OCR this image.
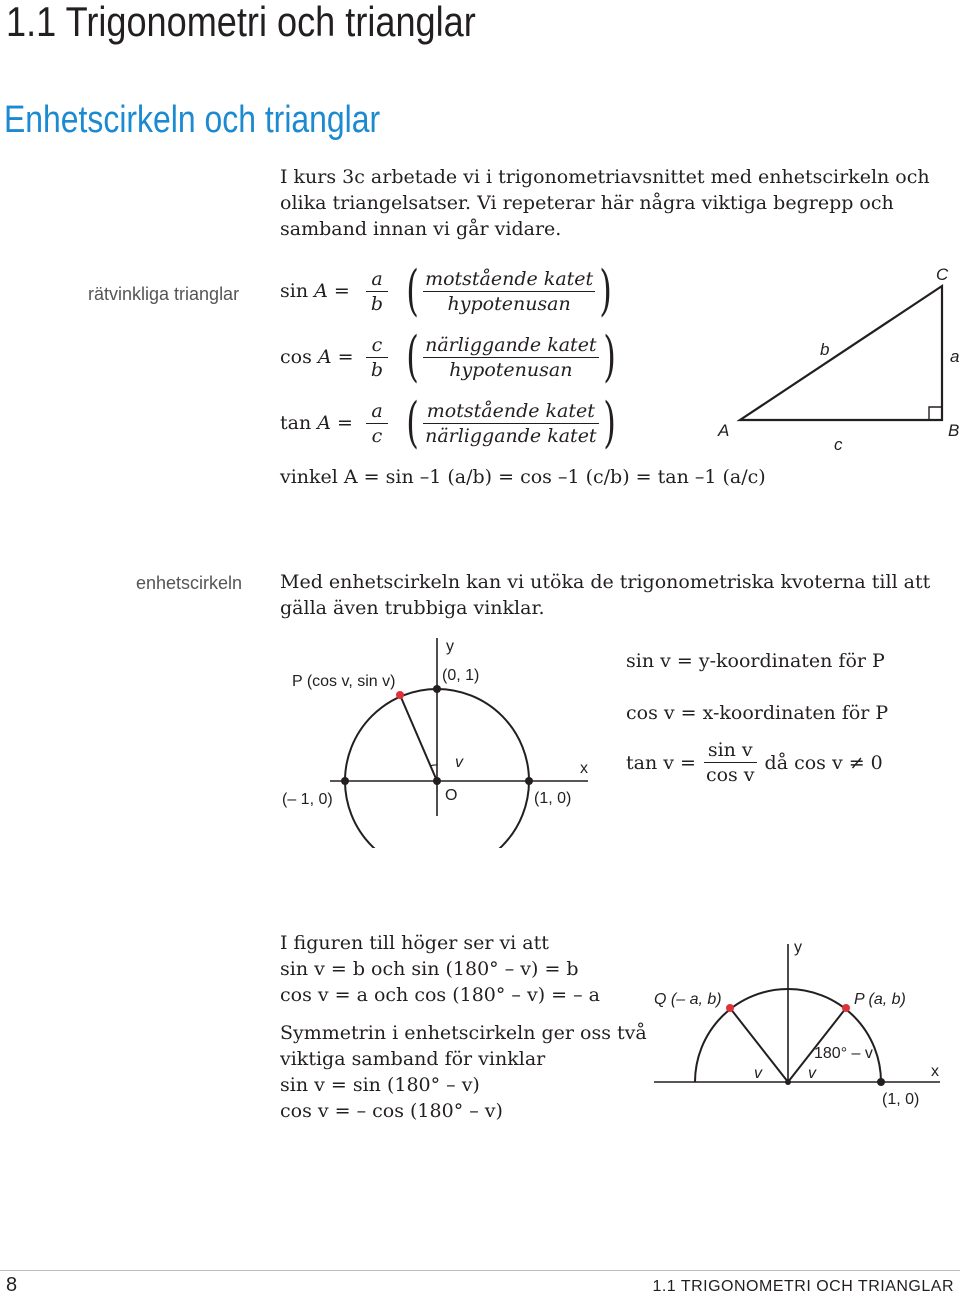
1.1 Trigonometri och trianglar
Enhetscirkeln och trianglar
I kurs 3c arbetade vi i trigonometriavsnittet med enhetscirkeln och olika triangelsatser. Vi repeterar här några viktiga begrepp och samband innan vi går vidare.
rätvinkliga trianglar $\sin A = \frac{a}{b}$ ( $\frac{\text{motstående katet}}{\text{hypotenusan}}$ )
$\cos A = \frac{c}{b}$ ( $\frac{\text{närliggande katet}}{\text{hypotenusan}}$ )
$\tan A = \frac{a}{c}$ ( $\frac{\text{motstående katet}}{\text{närliggande katet}}$ )
vinkel A = sin –1 (a/b) = cos –1 (c/b) = tan –1 (a/c)
A	B
C
a
b
c
enhetscirkeln Med enhetscirkeln kan vi utöka de trigonometriska kvoterna till att gälla även trubbiga vinklar.
P (cos v, sin v)
y
x
(0, 1)
(– 1, 0)	(1, 0)
O
v
sin v = y-koordinaten för P
cos v = x-koordinaten för P
$\tan v = \frac{\text{sin v}}{\text{cos v}}$ då cos v ≠ 0
I figuren till höger ser vi att
sin v = b och sin (180° – v) = b
cos v = a och cos (180° – v) = – a
Symmetrin i enhetscirkeln ger oss två
viktiga samband för vinklar
sin v = sin (180° – v)
cos v = – cos (180° – v)
y
x
Q (– a, b)	P (a, b)
v	v
180° – v
(1, 0)
8	1.1 TRIGONOMETRI OCH TRIANGLAR
